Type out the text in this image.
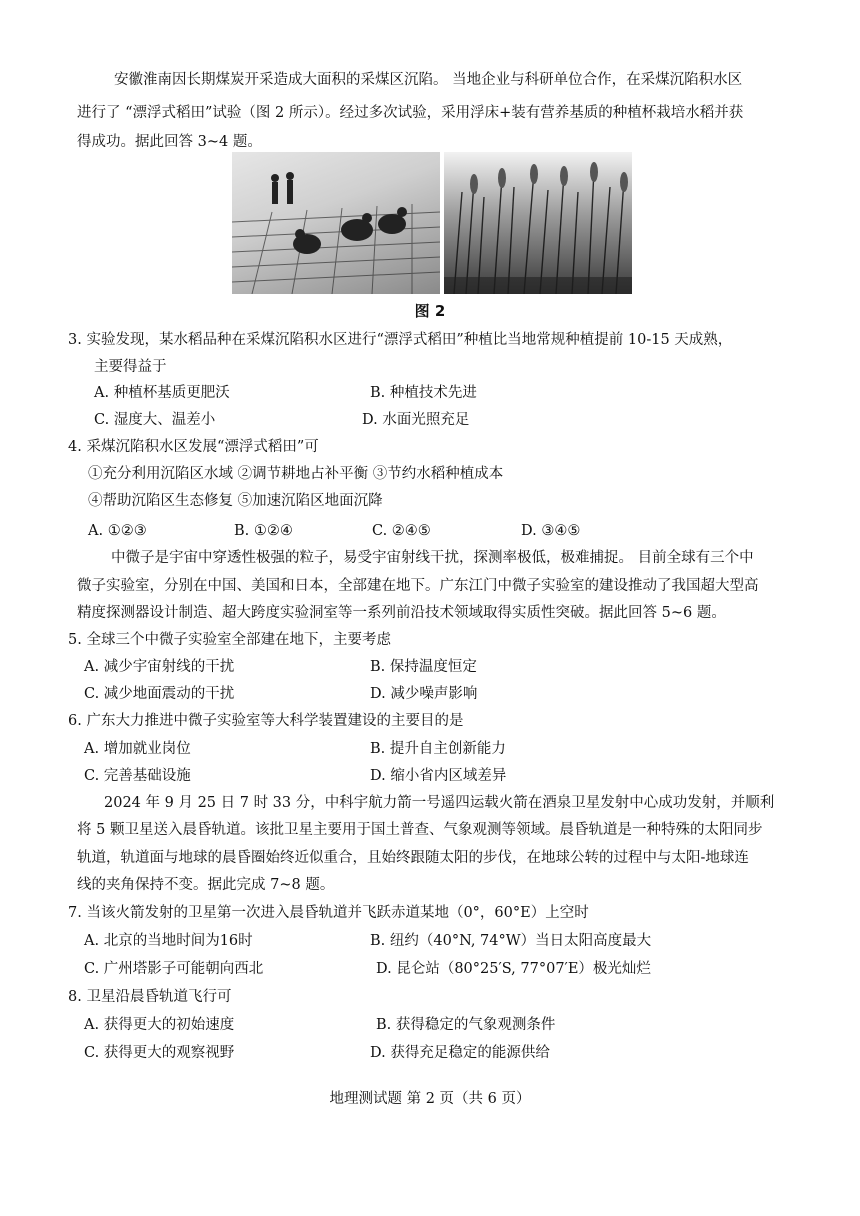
安徽淮南因长期煤炭开采造成大面积的采煤区沉陷。 当地企业与科研单位合作，在采煤沉陷积水区
进行了 “漂浮式稻田”试验（图 2 所示）。经过多次试验，采用浮床+装有营养基质的种植杯栽培水稻并获
得成功。据此回答 3~4 题。
图 2
3. 实验发现，某水稻品种在采煤沉陷积水区进行“漂浮式稻田”种植比当地常规种植提前 10-15 天成熟，
主要得益于
A. 种植杯基质更肥沃	B. 种植技术先进
C. 湿度大、温差小	D. 水面光照充足
4. 采煤沉陷积水区发展“漂浮式稻田”可
①充分利用沉陷区水域 ②调节耕地占补平衡 ③节约水稻种植成本
④帮助沉陷区生态修复 ⑤加速沉陷区地面沉降
A. ①②③	B. ①②④	C. ②④⑤	D. ③④⑤
中微子是宇宙中穿透性极强的粒子，易受宇宙射线干扰，探测率极低，极难捕捉。 目前全球有三个中
微子实验室，分别在中国、美国和日本，全部建在地下。广东江门中微子实验室的建设推动了我国超大型高
精度探测器设计制造、超大跨度实验洞室等一系列前沿技术领域取得实质性突破。据此回答 5~6 题。
5. 全球三个中微子实验室全部建在地下，主要考虑
A. 减少宇宙射线的干扰	B. 保持温度恒定
C. 减少地面震动的干扰	D. 减少噪声影响
6. 广东大力推进中微子实验室等大科学装置建设的主要目的是
A. 增加就业岗位	B. 提升自主创新能力
C. 完善基础设施	D. 缩小省内区域差异
2024 年 9 月 25 日 7 时 33 分，中科宇航力箭一号遥四运载火箭在酒泉卫星发射中心成功发射，并顺利
将 5 颗卫星送入晨昏轨道。该批卫星主要用于国土普查、气象观测等领域。晨昏轨道是一种特殊的太阳同步
轨道，轨道面与地球的晨昏圈始终近似重合，且始终跟随太阳的步伐，在地球公转的过程中与太阳-地球连
线的夹角保持不变。据此完成 7~8 题。
7. 当该火箭发射的卫星第一次进入晨昏轨道并飞跃赤道某地（0°，60°E）上空时
A. 北京的当地时间为16时	B. 纽约（40°N, 74°W）当日太阳高度最大
C. 广州塔影子可能朝向西北	D. 昆仑站（80°25′S, 77°07′E）极光灿烂
8. 卫星沿晨昏轨道飞行可
A. 获得更大的初始速度	B. 获得稳定的气象观测条件
C. 获得更大的观察视野	D. 获得充足稳定的能源供给
地理测试题 第 2 页（共 6 页）
